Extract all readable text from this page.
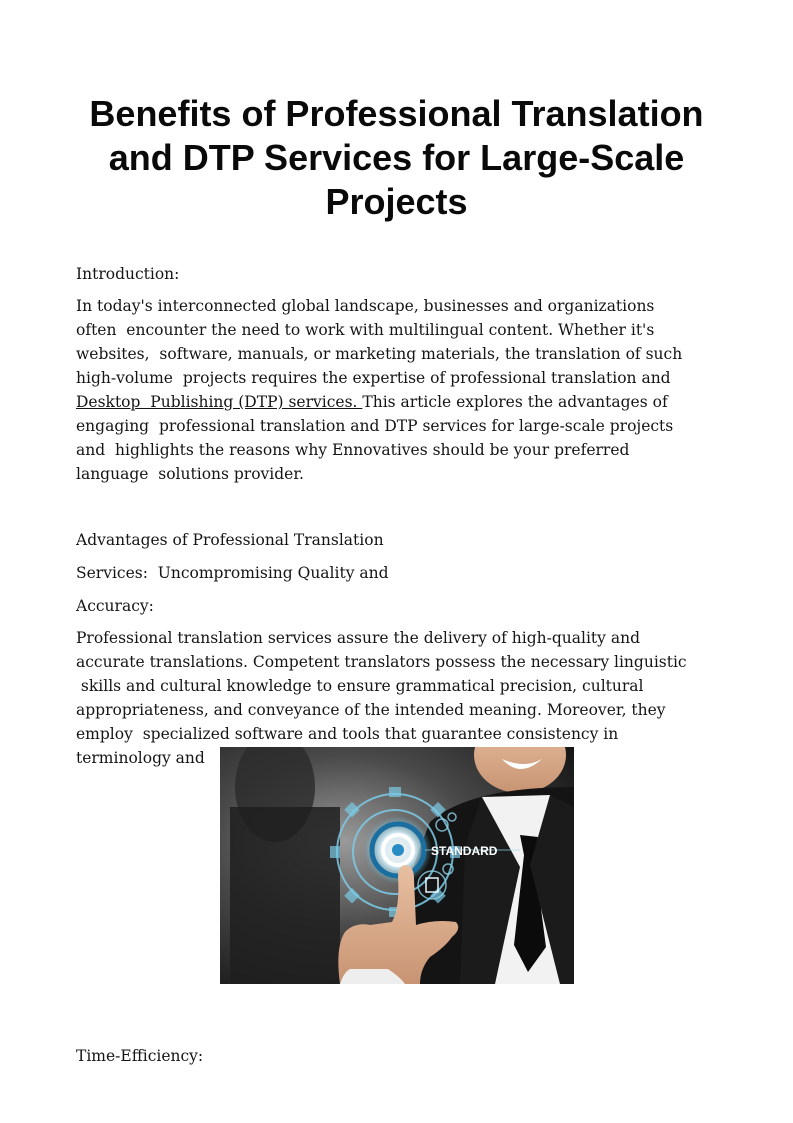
Benefits of Professional Translation and DTP Services for Large-Scale Projects

Introduction:

In today's interconnected global landscape, businesses and organizations

often  encounter the need to work with multilingual content. Whether it's

websites,  software, manuals, or marketing materials, the translation of such

high-volume  projects requires the expertise of professional translation and

Desktop  Publishing (DTP) services. This article explores the advantages of

engaging  professional translation and DTP services for large-scale projects

and  highlights the reasons why Ennovatives should be your preferred

language  solutions provider.

Advantages of Professional Translation

Services:  Uncompromising Quality and

Accuracy:

Professional translation services assure the delivery of high-quality and

accurate translations. Competent translators possess the necessary linguistic

skills and cultural knowledge to ensure grammatical precision, cultural

appropriateness, and conveyance of the intended meaning. Moreover, they

employ  specialized software and tools that guarantee consistency in

terminology and

STANDARD

Time-Efficiency:
